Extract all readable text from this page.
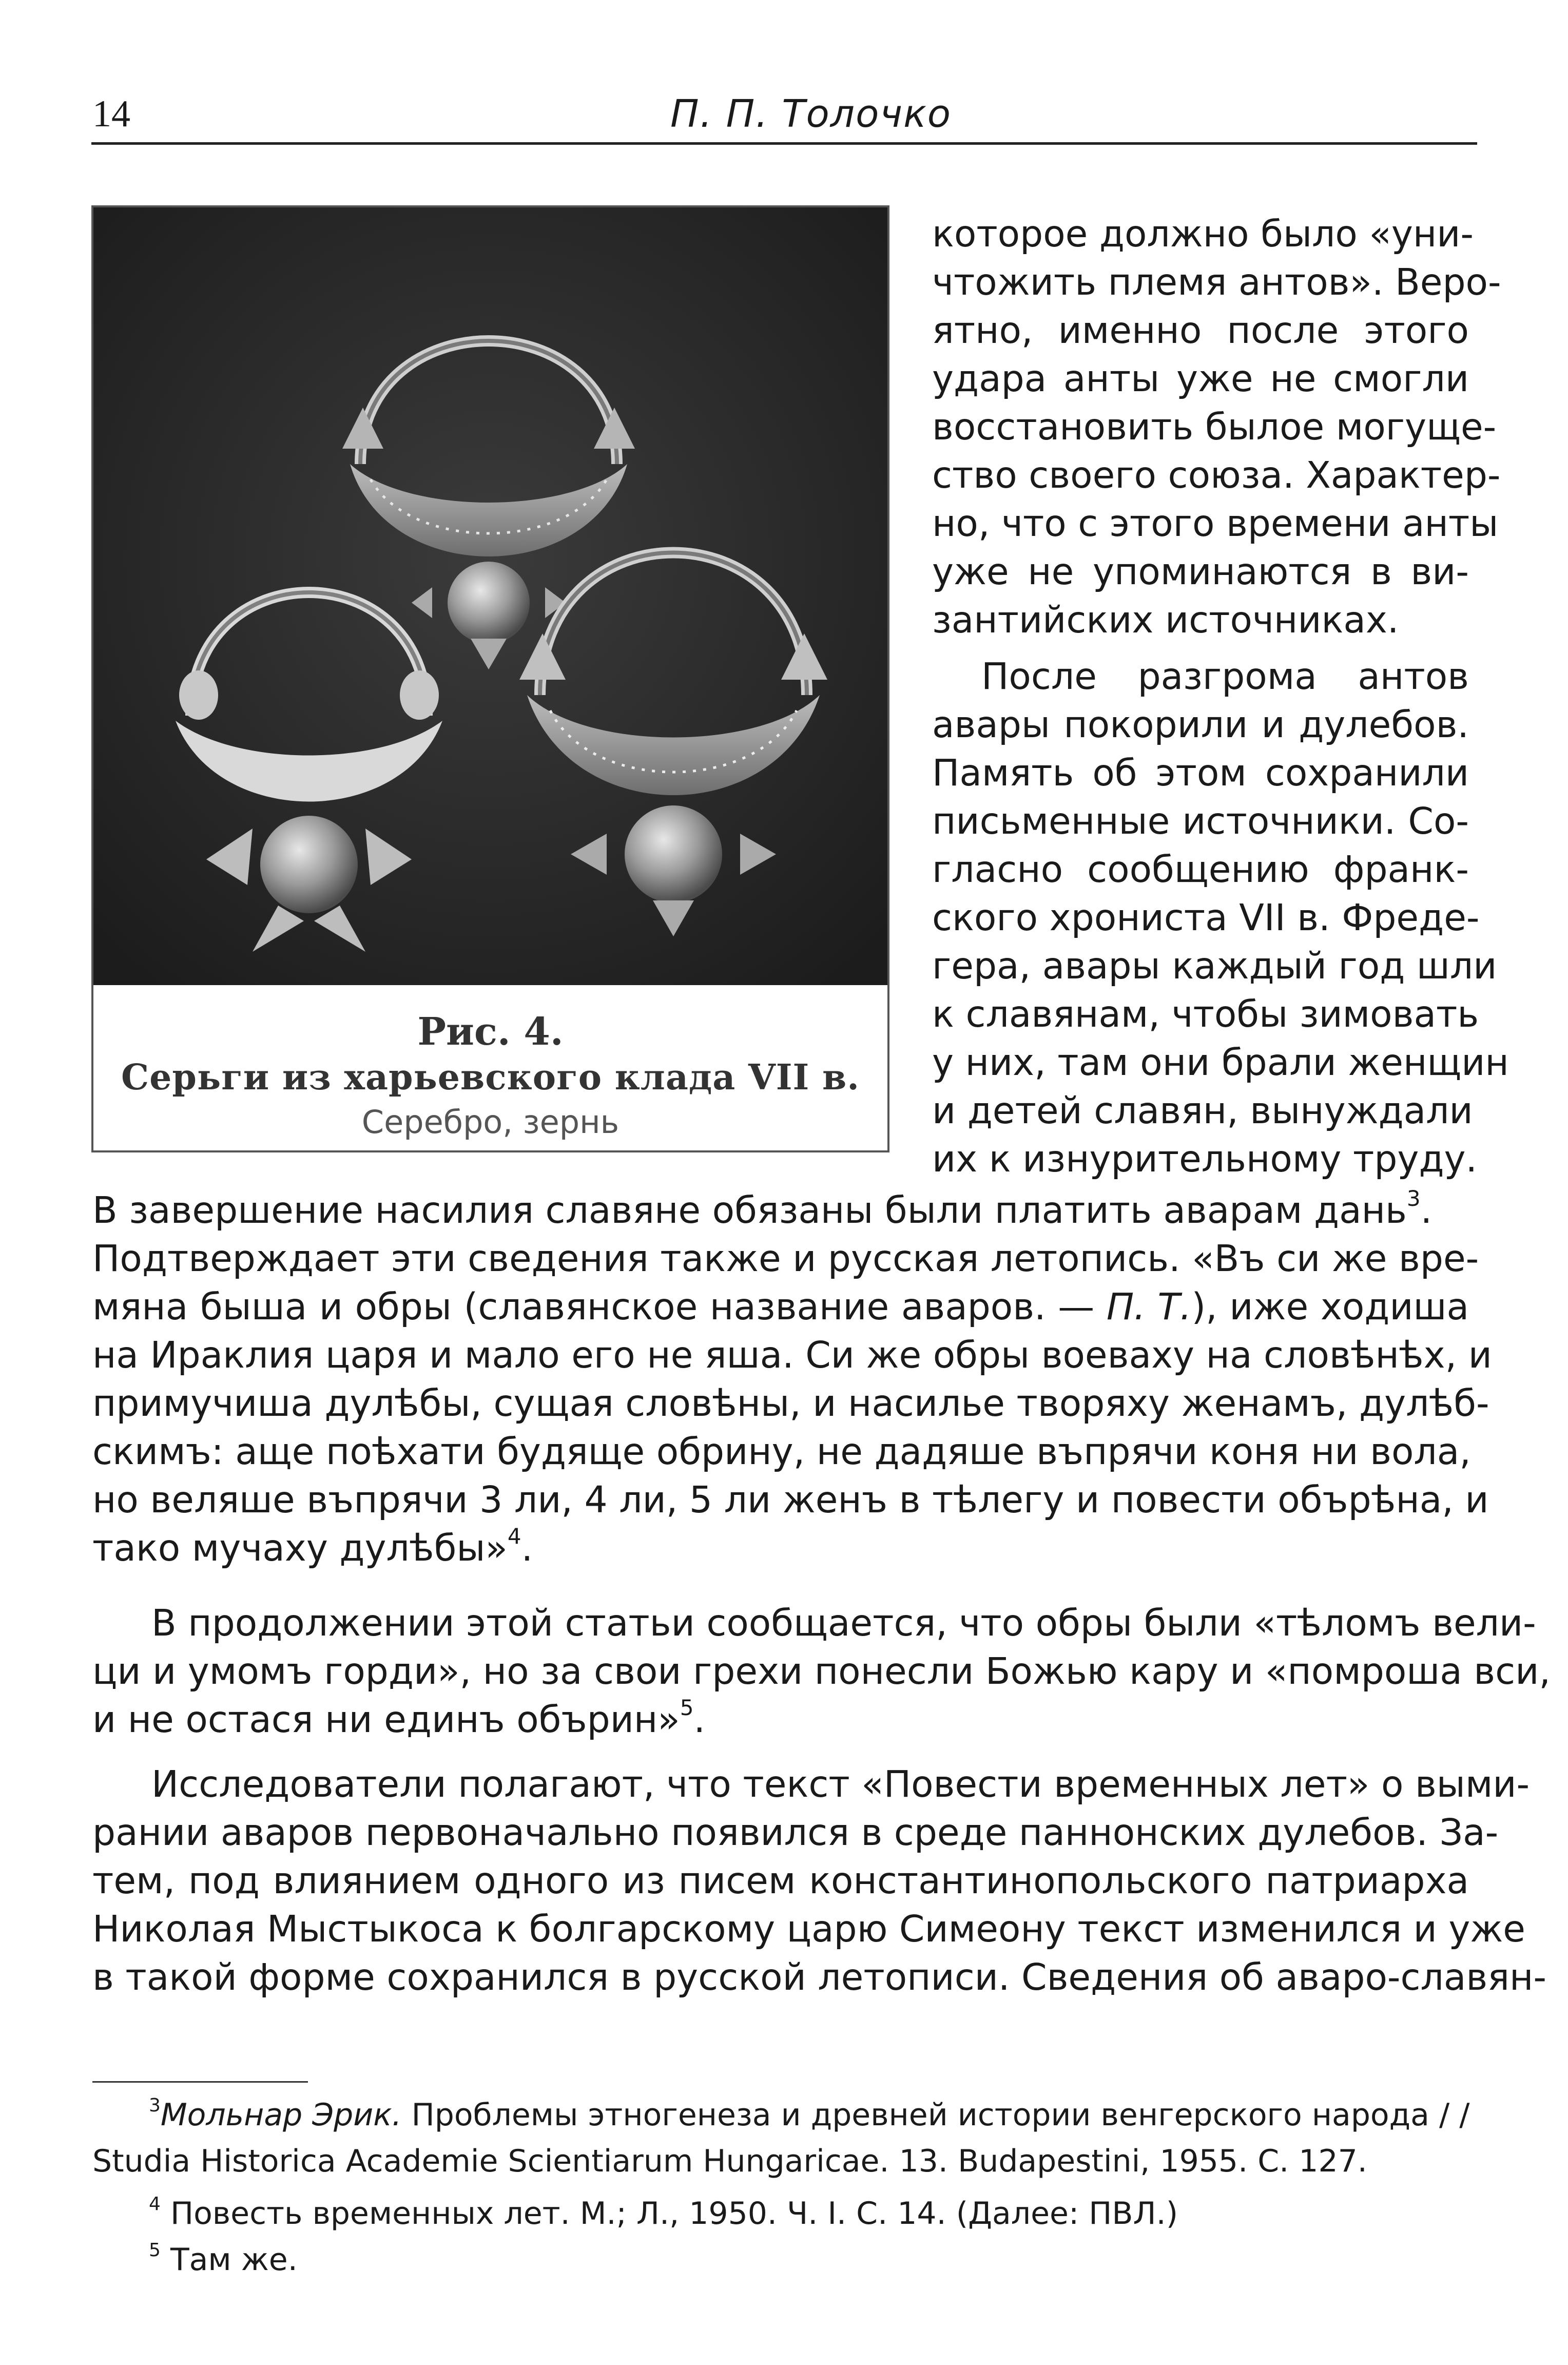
14	П. П. Толочко
Рис. 4.
Серьги из харьевского клада VII в.
Серебро, зернь
которое должно было «уни-
чтожить племя антов». Веро-
ятно, именно после этого
удара анты уже не смогли
восстановить былое могуще-
ство своего союза. Характер-
но, что с этого времени анты
уже не упоминаются в ви-
зантийских источниках.
После разгрома антов
авары покорили и дулебов.
Память об этом сохранили
письменные источники. Со-
гласно сообщению франк-
ского хрониста VII в. Фреде-
гера, авары каждый год шли
к славянам, чтобы зимовать
у них, там они брали женщин
и детей славян, вынуждали
их к изнурительному труду.
В завершение насилия славяне обязаны были платить аварам дань$^3$.
Подтверждает эти сведения также и русская летопись. «Въ си же вре-
мяна быша и обры (славянское название аваров. — П. Т.), иже ходиша
на Ираклия царя и мало его не яша. Си же обры воеваху на словѣнѣх, и
примучиша дулѣбы, сущая словѣны, и насилье творяху женамъ, дулѣб-
скимъ: аще поѣхати будяще обрину, не дадяше въпрячи коня ни вола,
но веляше въпрячи 3 ли, 4 ли, 5 ли женъ в тѣлегу и повести обърѣна, и
тако мучаху дулѣбы»$^4$.
В продолжении этой статьи сообщается, что обры были «тѣломъ вели-
ци и умомъ горди», но за свои грехи понесли Божью кару и «помроша вси,
и не остася ни единъ обърин»$^5$.
Исследователи полагают, что текст «Повести временных лет» о выми-
рании аваров первоначально появился в среде паннонских дулебов. За-
тем, под влиянием одного из писем константинопольского патриарха
Николая Мыстыкоса к болгарскому царю Симеону текст изменился и уже
в такой форме сохранился в русской летописи. Сведения об аваро-славян-
$^3$Мольнар Эрик. Проблемы этногенеза и древней истории венгерского народа / /
Studia Historica Academie Scientiarum Hungaricae. 13. Budapestini, 1955. С. 127.
$^4$ Повесть временных лет. М.; Л., 1950. Ч. I. С. 14. (Далее: ПВЛ.)
$^5$ Там же.
